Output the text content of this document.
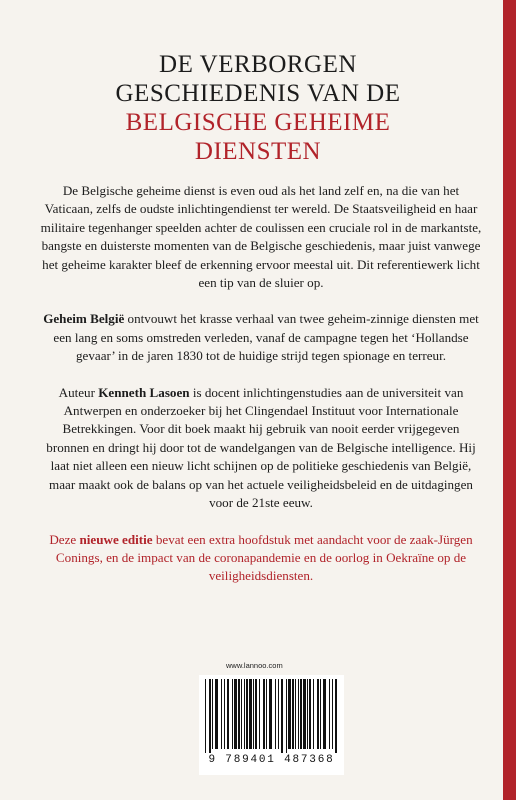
DE VERBORGEN
GESCHIEDENIS VAN DE
BELGISCHE GEHEIME
DIENSTEN

De Belgische geheime dienst is even oud als het land zelf en, na die van het Vaticaan, zelfs de oudste inlichtingendienst ter wereld. De Staatsveiligheid en haar militaire tegenhanger speelden achter de coulissen een cruciale rol in de markantste, bangste en duisterste momenten van de Belgische geschiedenis, maar juist vanwege het geheime karakter bleef de erkenning ervoor meestal uit. Dit referentiewerk licht een tip van de sluier op.

Geheim België ontvouwt het krasse verhaal van twee geheim-zinnige diensten met een lang en soms omstreden verleden, vanaf de campagne tegen het ‘Hollandse gevaar’ in de jaren 1830 tot de huidige strijd tegen spionage en terreur.

Auteur Kenneth Lasoen is docent inlichtingenstudies aan de universiteit van Antwerpen en onderzoeker bij het Clingendael Instituut voor Internationale Betrekkingen. Voor dit boek maakt hij gebruik van nooit eerder vrijgegeven bronnen en dringt hij door tot de wandelgangen van de Belgische intelligence. Hij laat niet alleen een nieuw licht schijnen op de politieke geschiedenis van België, maar maakt ook de balans op van het actuele veiligheidsbeleid en de uitdagingen voor de 21ste eeuw.

Deze nieuwe editie bevat een extra hoofdstuk met aandacht voor de zaak-Jürgen Conings, en de impact van de coronapandemie en de oorlog in Oekraïne op de veiligheidsdiensten.

www.lannoo.com
9 789401 487368
